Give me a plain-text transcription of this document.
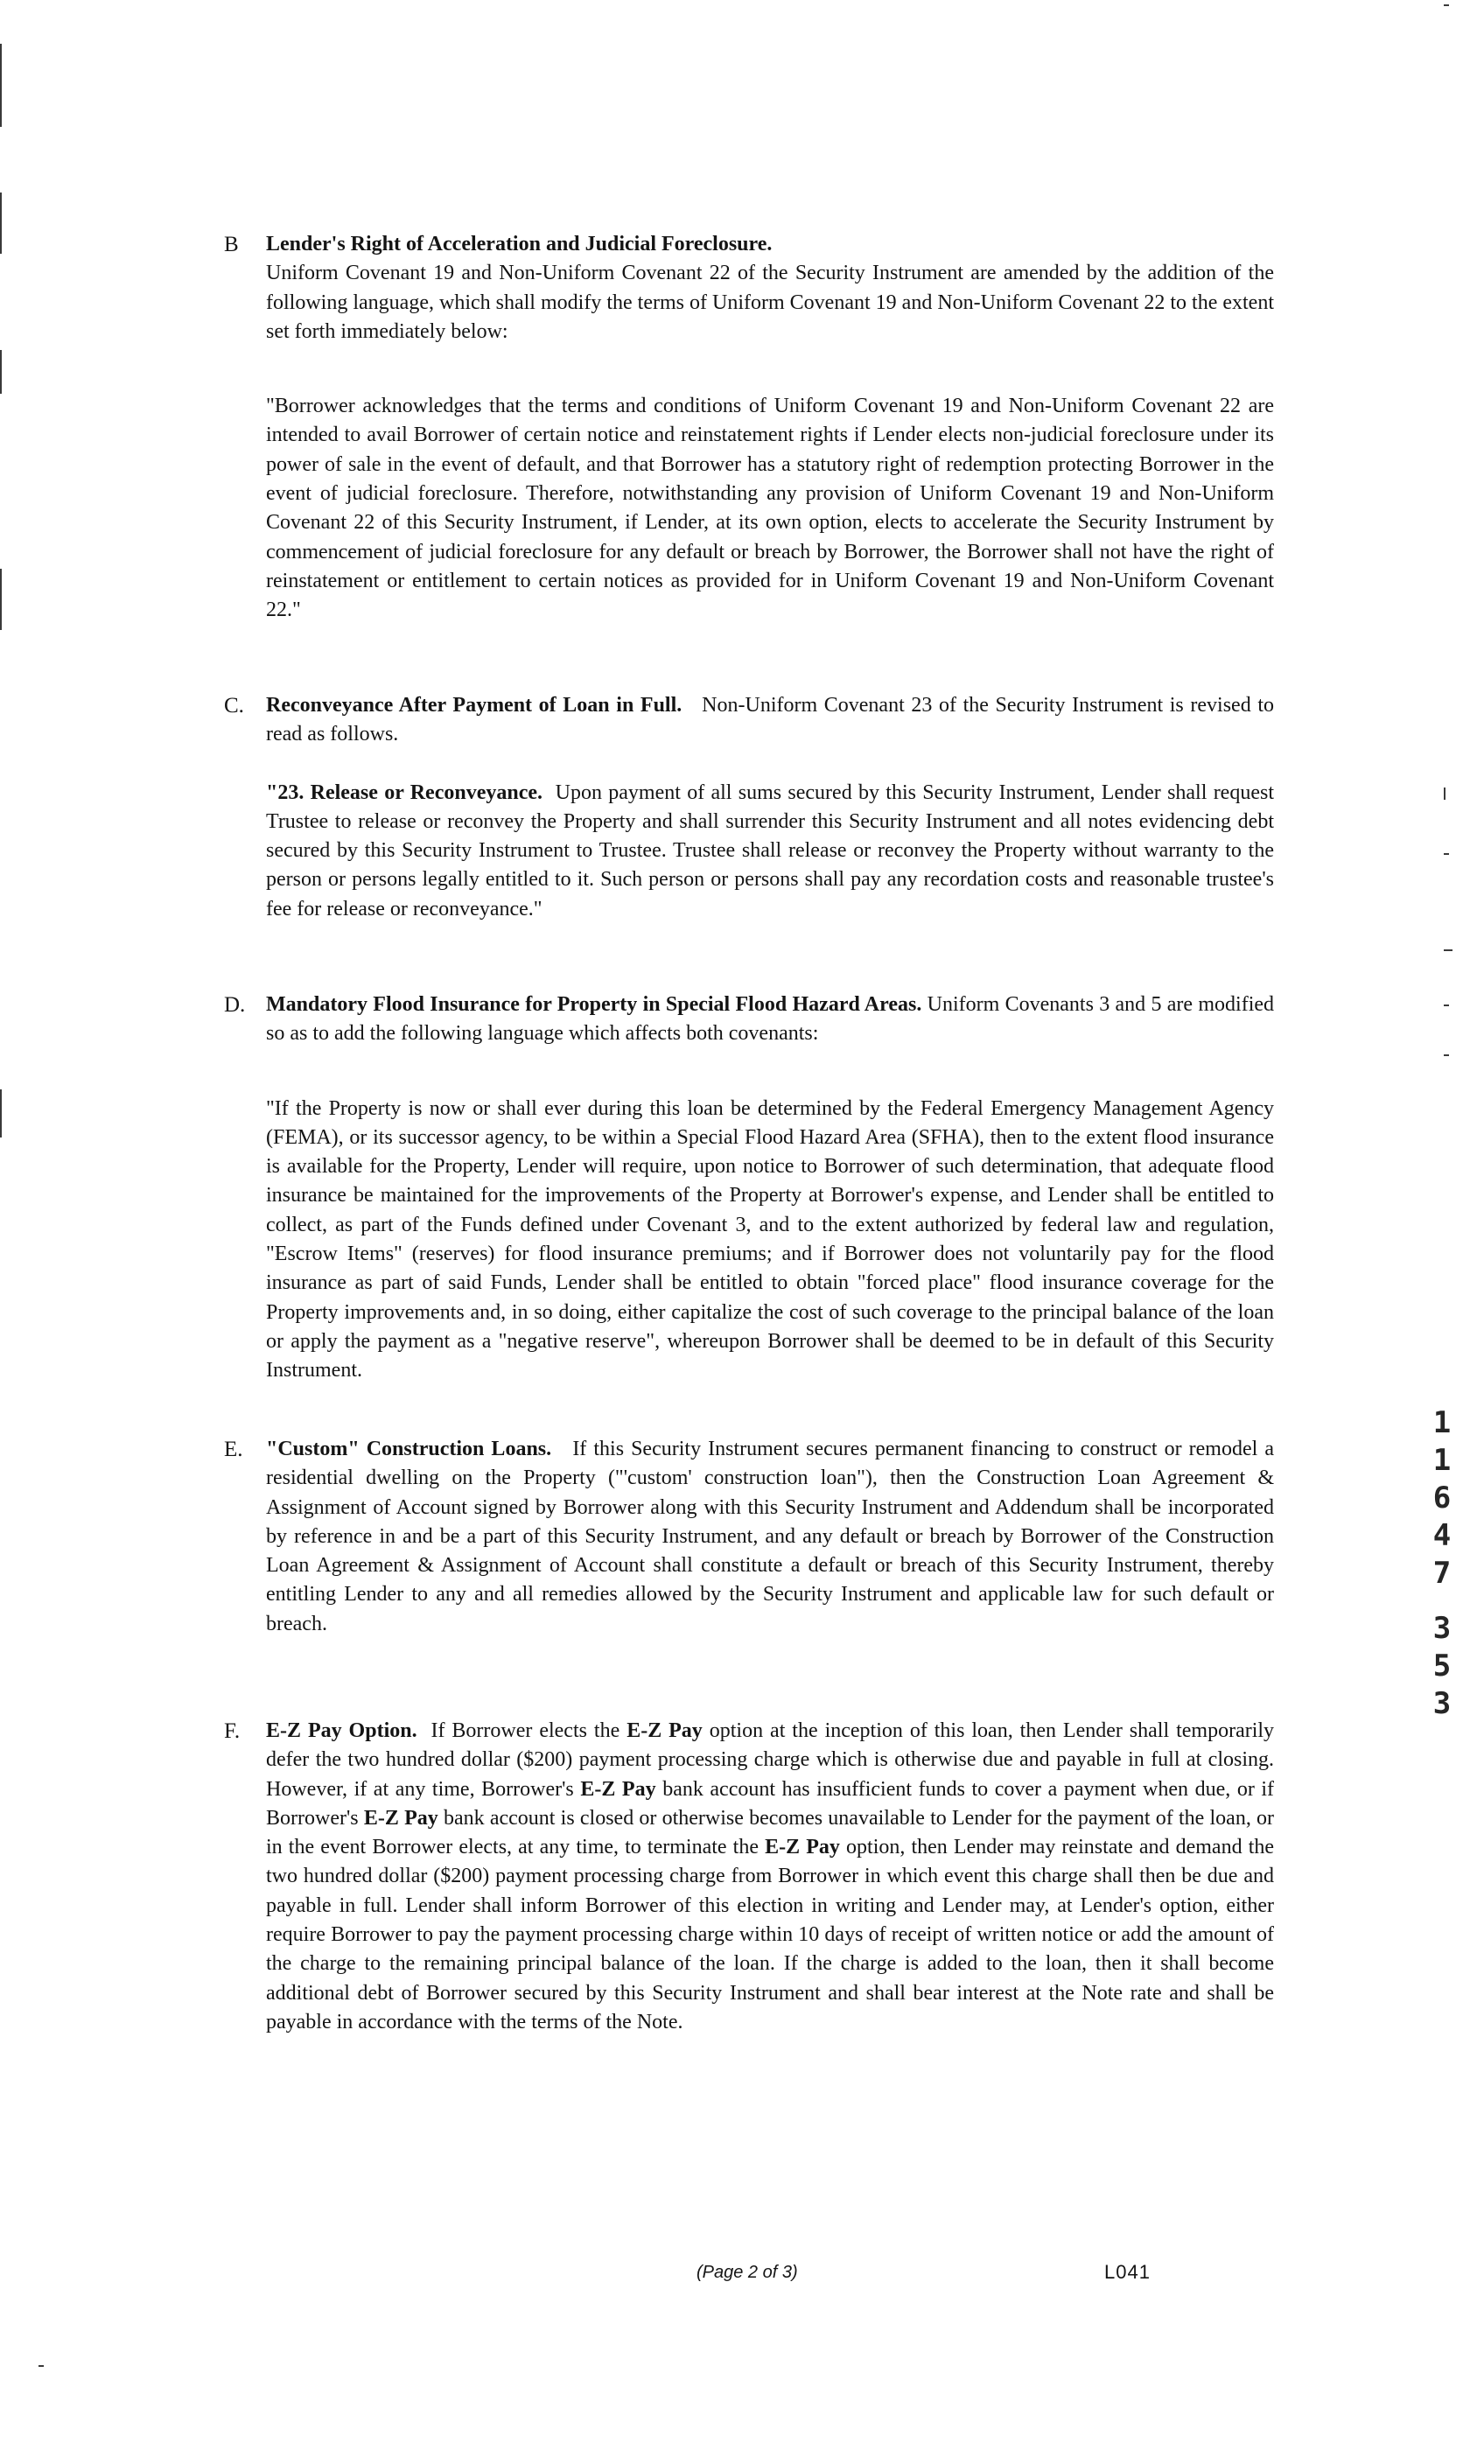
B Lender's Right of Acceleration and Judicial Foreclosure.
Uniform Covenant 19 and Non-Uniform Covenant 22 of the Security Instrument are amended by the addition of the following language, which shall modify the terms of Uniform Covenant 19 and Non-Uniform Covenant 22 to the extent set forth immediately below:

"Borrower acknowledges that the terms and conditions of Uniform Covenant 19 and Non-Uniform Covenant 22 are intended to avail Borrower of certain notice and reinstatement rights if Lender elects non-judicial foreclosure under its power of sale in the event of default, and that Borrower has a statutory right of redemption protecting Borrower in the event of judicial foreclosure. Therefore, notwithstanding any provision of Uniform Covenant 19 and Non-Uniform Covenant 22 of this Security Instrument, if Lender, at its own option, elects to accelerate the Security Instrument by commencement of judicial foreclosure for any default or breach by Borrower, the Borrower shall not have the right of reinstatement or entitlement to certain notices as provided for in Uniform Covenant 19 and Non-Uniform Covenant 22."

C. Reconveyance After Payment of Loan in Full. Non-Uniform Covenant 23 of the Security Instrument is revised to read as follows.

"23. Release or Reconveyance. Upon payment of all sums secured by this Security Instrument, Lender shall request Trustee to release or reconvey the Property and shall surrender this Security Instrument and all notes evidencing debt secured by this Security Instrument to Trustee. Trustee shall release or reconvey the Property without warranty to the person or persons legally entitled to it. Such person or persons shall pay any recordation costs and reasonable trustee's fee for release or reconveyance."

D. Mandatory Flood Insurance for Property in Special Flood Hazard Areas. Uniform Covenants 3 and 5 are modified so as to add the following language which affects both covenants:

"If the Property is now or shall ever during this loan be determined by the Federal Emergency Management Agency (FEMA), or its successor agency, to be within a Special Flood Hazard Area (SFHA), then to the extent flood insurance is available for the Property, Lender will require, upon notice to Borrower of such determination, that adequate flood insurance be maintained for the improvements of the Property at Borrower's expense, and Lender shall be entitled to collect, as part of the Funds defined under Covenant 3, and to the extent authorized by federal law and regulation, "Escrow Items" (reserves) for flood insurance premiums; and if Borrower does not voluntarily pay for the flood insurance as part of said Funds, Lender shall be entitled to obtain "forced place" flood insurance coverage for the Property improvements and, in so doing, either capitalize the cost of such coverage to the principal balance of the loan or apply the payment as a "negative reserve", whereupon Borrower shall be deemed to be in default of this Security Instrument.

E. "Custom" Construction Loans. If this Security Instrument secures permanent financing to construct or remodel a residential dwelling on the Property ("'custom' construction loan"), then the Construction Loan Agreement & Assignment of Account signed by Borrower along with this Security Instrument and Addendum shall be incorporated by reference in and be a part of this Security Instrument, and any default or breach by Borrower of the Construction Loan Agreement & Assignment of Account shall constitute a default or breach of this Security Instrument, thereby entitling Lender to any and all remedies allowed by the Security Instrument and applicable law for such default or breach.

F. E-Z Pay Option. If Borrower elects the E-Z Pay option at the inception of this loan, then Lender shall temporarily defer the two hundred dollar ($200) payment processing charge which is otherwise due and payable in full at closing. However, if at any time, Borrower's E-Z Pay bank account has insufficient funds to cover a payment when due, or if Borrower's E-Z Pay bank account is closed or otherwise becomes unavailable to Lender for the payment of the loan, or in the event Borrower elects, at any time, to terminate the E-Z Pay option, then Lender may reinstate and demand the two hundred dollar ($200) payment processing charge from Borrower in which event this charge shall then be due and payable in full. Lender shall inform Borrower of this election in writing and Lender may, at Lender's option, either require Borrower to pay the payment processing charge within 10 days of receipt of written notice or add the amount of the charge to the remaining principal balance of the loan. If the charge is added to the loan, then it shall become additional debt of Borrower secured by this Security Instrument and shall bear interest at the Note rate and shall be payable in accordance with the terms of the Note.

(Page 2 of 3)	L041
1
1
6
4
7
3
5
3
